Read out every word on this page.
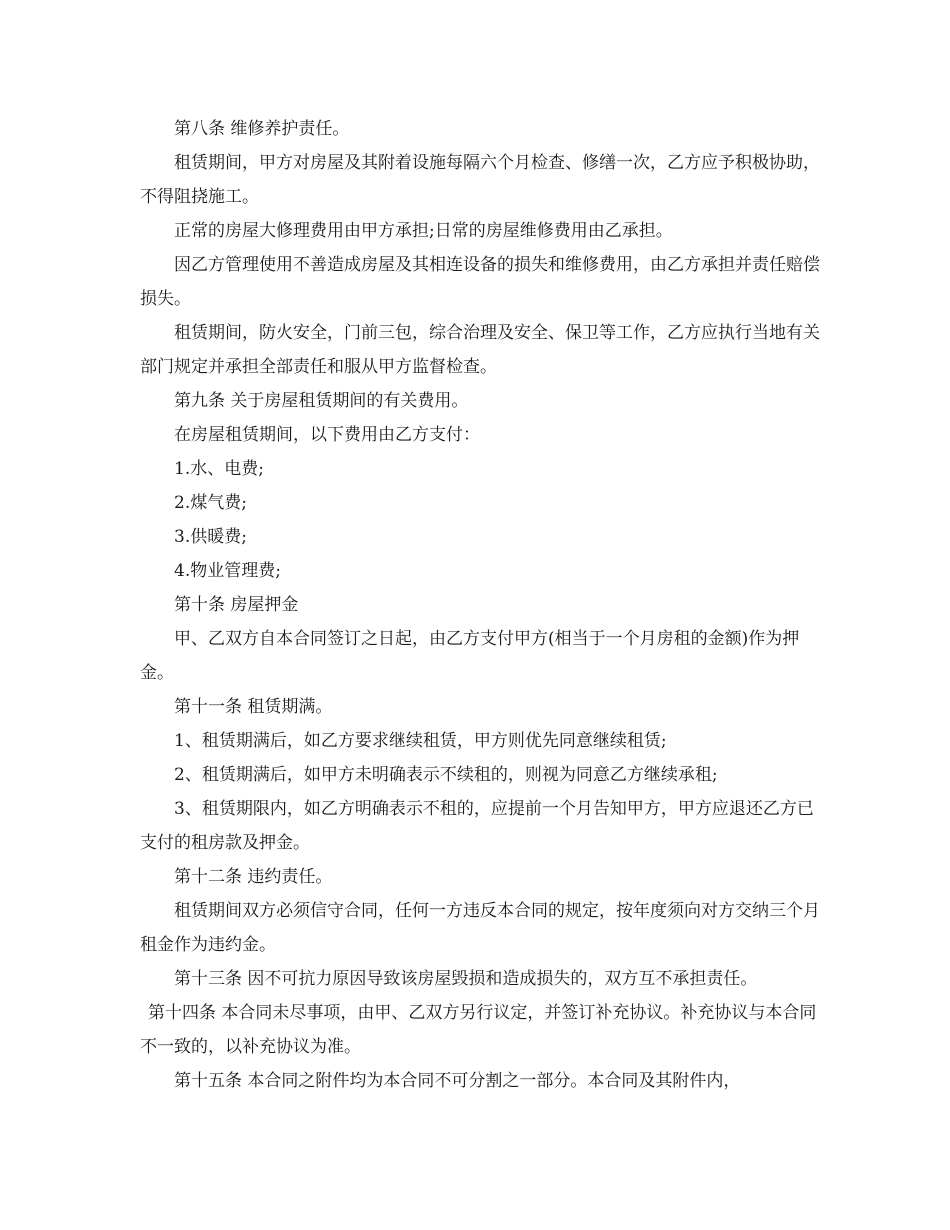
第八条 维修养护责任。

租赁期间，甲方对房屋及其附着设施每隔六个月检查、修缮一次，乙方应予积极协助，不得阻挠施工。

正常的房屋大修理费用由甲方承担;日常的房屋维修费用由乙承担。

因乙方管理使用不善造成房屋及其相连设备的损失和维修费用，由乙方承担并责任赔偿损失。

租赁期间，防火安全，门前三包，综合治理及安全、保卫等工作，乙方应执行当地有关部门规定并承担全部责任和服从甲方监督检查。

第九条 关于房屋租赁期间的有关费用。

在房屋租赁期间，以下费用由乙方支付：

1.水、电费;

2.煤气费;

3.供暖费;

4.物业管理费;

第十条 房屋押金

甲、乙双方自本合同签订之日起，由乙方支付甲方(相当于一个月房租的金额)作为押金。

第十一条 租赁期满。

1、租赁期满后，如乙方要求继续租赁，甲方则优先同意继续租赁;

2、租赁期满后，如甲方未明确表示不续租的，则视为同意乙方继续承租;

3、租赁期限内，如乙方明确表示不租的，应提前一个月告知甲方，甲方应退还乙方已支付的租房款及押金。

第十二条 违约责任。

租赁期间双方必须信守合同，任何一方违反本合同的规定，按年度须向对方交纳三个月租金作为违约金。

第十三条 因不可抗力原因导致该房屋毁损和造成损失的，双方互不承担责任。

第十四条 本合同未尽事项，由甲、乙双方另行议定，并签订补充协议。补充协议与本合同不一致的，以补充协议为准。

第十五条 本合同之附件均为本合同不可分割之一部分。本合同及其附件内，
